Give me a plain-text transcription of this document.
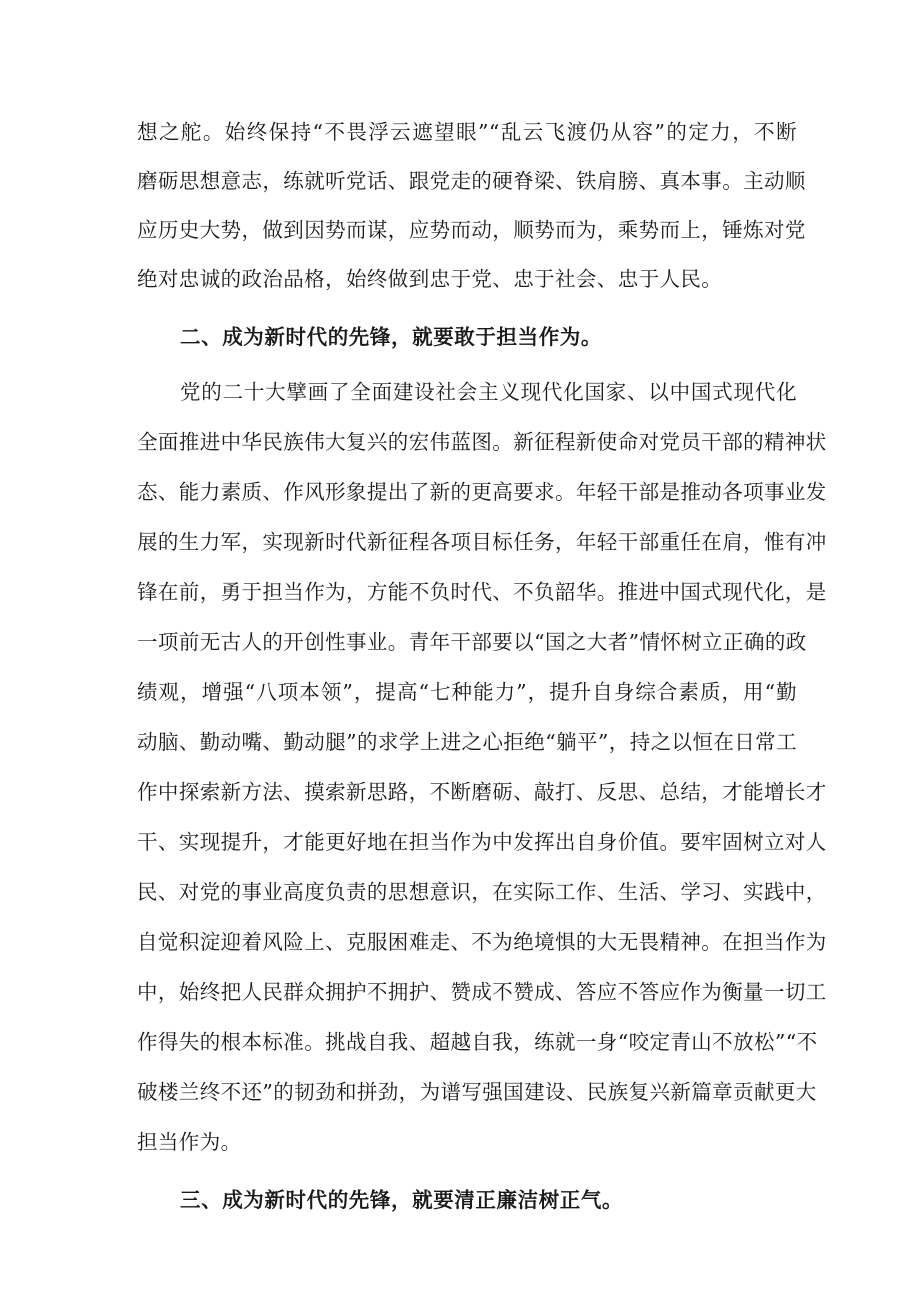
想之舵。始终保持“不畏浮云遮望眼”“乱云飞渡仍从容”的定力，不断
磨砺思想意志，练就听党话、跟党走的硬脊梁、铁肩膀、真本事。主动顺
应历史大势，做到因势而谋，应势而动，顺势而为，乘势而上，锤炼对党
绝对忠诚的政治品格，始终做到忠于党、忠于社会、忠于人民。
二、成为新时代的先锋，就要敢于担当作为。
党的二十大擘画了全面建设社会主义现代化国家、以中国式现代化
全面推进中华民族伟大复兴的宏伟蓝图。新征程新使命对党员干部的精神状
态、能力素质、作风形象提出了新的更高要求。年轻干部是推动各项事业发
展的生力军，实现新时代新征程各项目标任务，年轻干部重任在肩，惟有冲
锋在前，勇于担当作为，方能不负时代、不负韶华。推进中国式现代化，是
一项前无古人的开创性事业。青年干部要以“国之大者”情怀树立正确的政
绩观，增强“八项本领”，提高“七种能力”，提升自身综合素质，用“勤
动脑、勤动嘴、勤动腿”的求学上进之心拒绝“躺平”，持之以恒在日常工
作中探索新方法、摸索新思路，不断磨砺、敲打、反思、总结，才能增长才
干、实现提升，才能更好地在担当作为中发挥出自身价值。要牢固树立对人
民、对党的事业高度负责的思想意识，在实际工作、生活、学习、实践中，
自觉积淀迎着风险上、克服困难走、不为绝境惧的大无畏精神。在担当作为
中，始终把人民群众拥护不拥护、赞成不赞成、答应不答应作为衡量一切工
作得失的根本标准。挑战自我、超越自我，练就一身“咬定青山不放松”“不
破楼兰终不还”的韧劲和拼劲，为谱写强国建设、民族复兴新篇章贡献更大
担当作为。
三、成为新时代的先锋，就要清正廉洁树正气。
